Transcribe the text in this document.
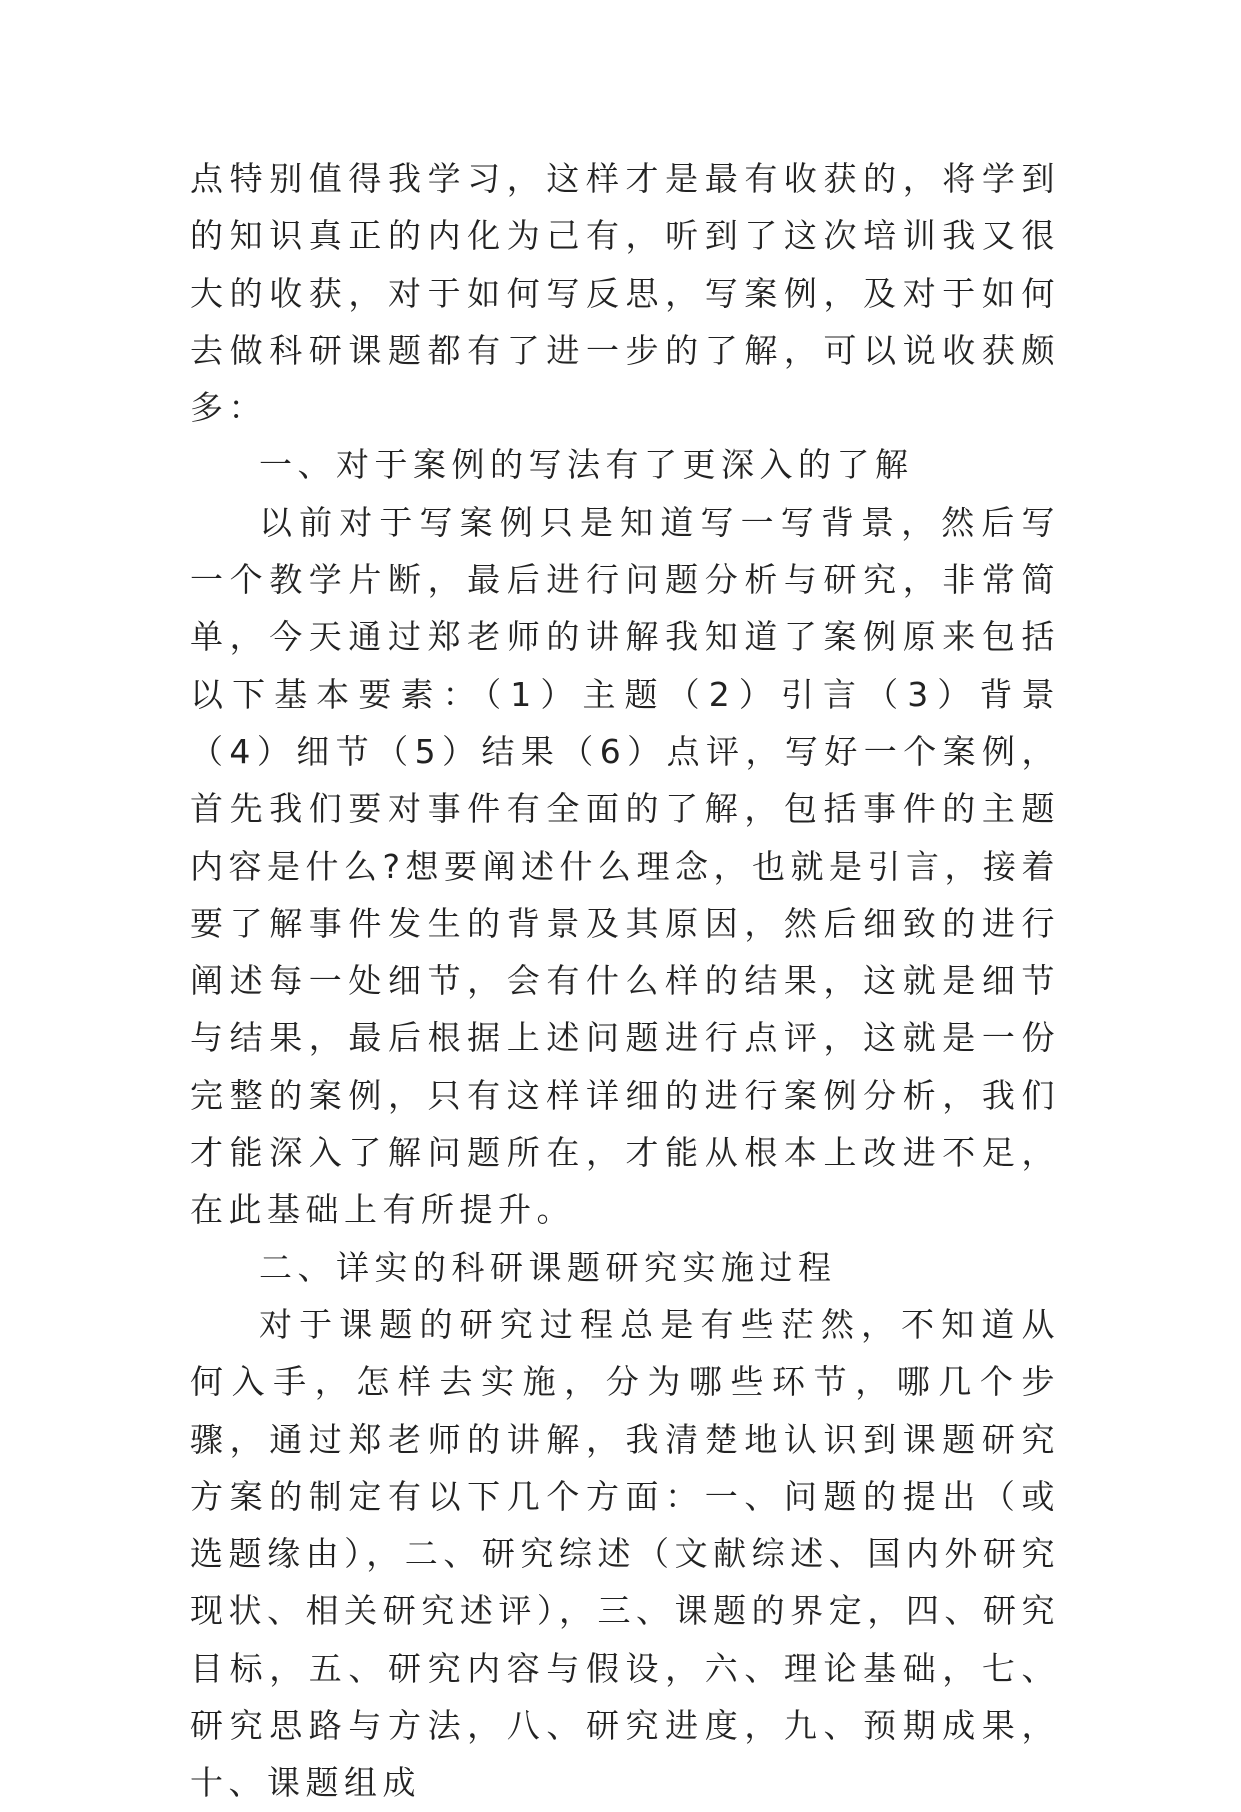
点特别值得我学习，这样才是最有收获的，将学到的知识真正的内化为己有，听到了这次培训我又很大的收获，对于如何写反思，写案例，及对于如何去做科研课题都有了进一步的了解，可以说收获颇多：

一、对于案例的写法有了更深入的了解

以前对于写案例只是知道写一写背景，然后写一个教学片断，最后进行问题分析与研究，非常简单，今天通过郑老师的讲解我知道了案例原来包括以下基本要素：（1）主题（2）引言（3）背景（4）细节（5）结果（6）点评，写好一个案例，首先我们要对事件有全面的了解，包括事件的主题内容是什么?想要阐述什么理念，也就是引言，接着要了解事件发生的背景及其原因，然后细致的进行阐述每一处细节，会有什么样的结果，这就是细节与结果，最后根据上述问题进行点评，这就是一份完整的案例，只有这样详细的进行案例分析，我们才能深入了解问题所在，才能从根本上改进不足，在此基础上有所提升。

二、详实的科研课题研究实施过程

对于课题的研究过程总是有些茫然，不知道从何入手，怎样去实施，分为哪些环节，哪几个步骤，通过郑老师的讲解，我清楚地认识到课题研究方案的制定有以下几个方面：一、问题的提出（或选题缘由），二、研究综述（文献综述、国内外研究现状、相关研究述评），三、课题的界定，四、研究目标，五、研究内容与假设，六、理论基础，七、研究思路与方法，八、研究进度，九、预期成果，十、课题组成
